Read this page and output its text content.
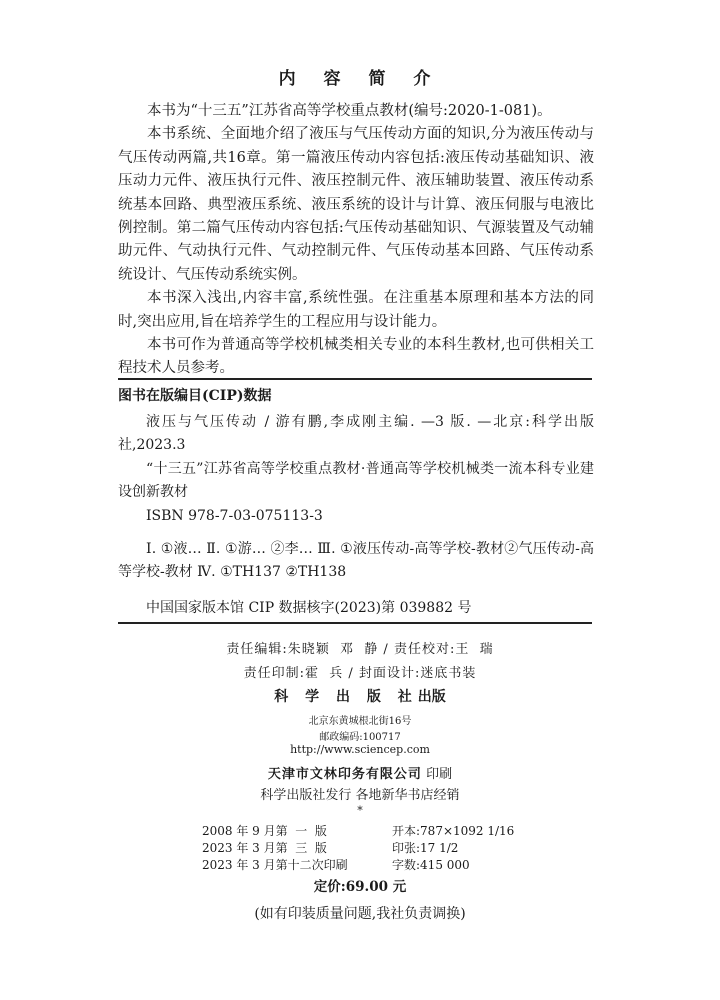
内 容 简 介

本书为“十三五”江苏省高等学校重点教材(编号:2020-1-081)。

本书系统、全面地介绍了液压与气压传动方面的知识,分为液压传动与气压传动两篇,共16章。第一篇液压传动内容包括:液压传动基础知识、液压动力元件、液压执行元件、液压控制元件、液压辅助装置、液压传动系统基本回路、典型液压系统、液压系统的设计与计算、液压伺服与电液比例控制。第二篇气压传动内容包括:气压传动基础知识、气源装置及气动辅助元件、气动执行元件、气动控制元件、气压传动基本回路、气压传动系统设计、气压传动系统实例。

本书深入浅出,内容丰富,系统性强。在注重基本原理和基本方法的同时,突出应用,旨在培养学生的工程应用与设计能力。

本书可作为普通高等学校机械类相关专业的本科生教材,也可供相关工程技术人员参考。

图书在版编目(CIP)数据

液压与气压传动 / 游有鹏,李成刚主编. —3 版. —北京:科学出版社,2023.3

“十三五”江苏省高等学校重点教材·普通高等学校机械类一流本科专业建设创新教材

ISBN 978-7-03-075113-3

Ⅰ. ①液… Ⅱ. ①游… ②李… Ⅲ. ①液压传动-高等学校-教材②气压传动-高等学校-教材 Ⅳ. ①TH137 ②TH138

中国国家版本馆 CIP 数据核字(2023)第 039882 号
责任编辑:朱晓颖  邓  静 / 责任校对:王  瑞
责任印制:霍  兵 / 封面设计:迷底书装
科 学 出 版 社出版
北京东黄城根北街16号
邮政编码:100717
http://www.sciencep.com
天津市文林印务有限公司 印刷
科学出版社发行 各地新华书店经销
*
2008 年 9 月第  一  版	开本:787×1092 1/16
2023 年 3 月第  三  版	印张:17 1/2
2023 年 3 月第十二次印刷	字数:415 000
定价:69.00 元
(如有印装质量问题,我社负责调换)
